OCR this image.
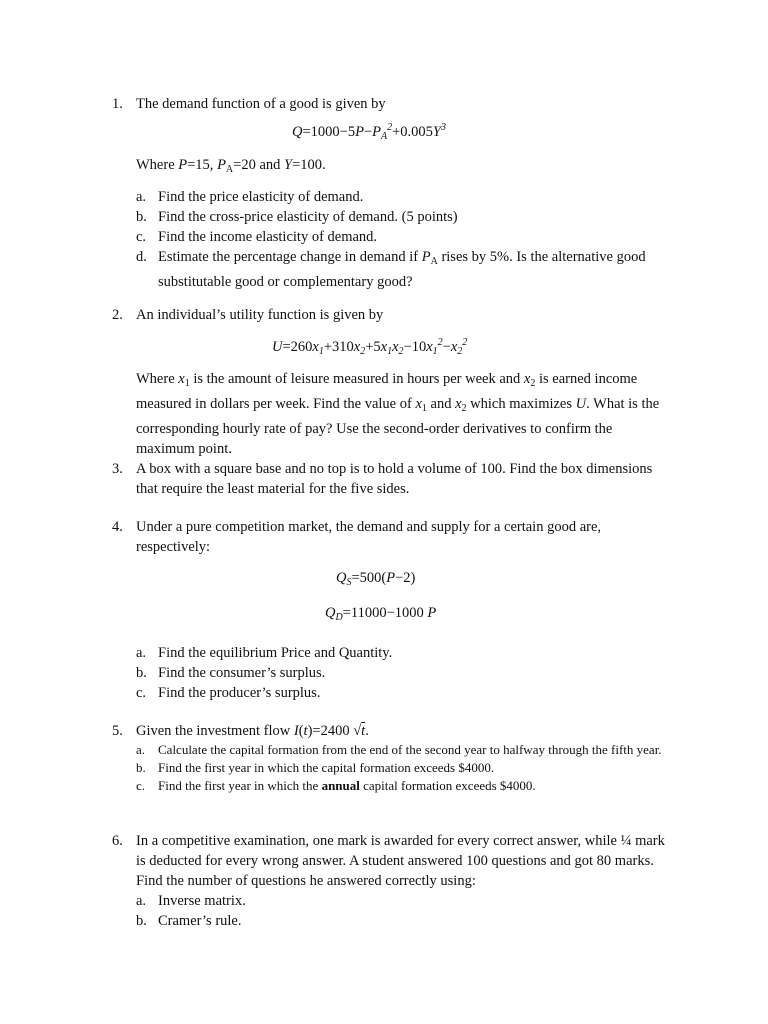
1. The demand function of a good is given by
$Q=1000-5P-P_A^2+0.005Y^3$
Where P=15, $P_A=20$ and Y=100.
a. Find the price elasticity of demand.
b. Find the cross-price elasticity of demand. (5 points)
c. Find the income elasticity of demand.
d. Estimate the percentage change in demand if $P_A$ rises by 5%. Is the alternative good substitutable good or complementary good?
2. An individual’s utility function is given by
$U=260x_1+310x_2+5x_1x_2-10x_1^2-x_2^2$
Where $x_1$ is the amount of leisure measured in hours per week and $x_2$ is earned income measured in dollars per week. Find the value of $x_1$ and $x_2$ which maximizes U. What is the corresponding hourly rate of pay? Use the second-order derivatives to confirm the maximum point.
3. A box with a square base and no top is to hold a volume of 100. Find the box dimensions that require the least material for the five sides.
4. Under a pure competition market, the demand and supply for a certain good are, respectively:
$Q_S=500(P-2)$
$Q_D=11000-1000$ P
a. Find the equilibrium Price and Quantity.
b. Find the consumer’s surplus.
c. Find the producer’s surplus.
5. Given the investment flow I(t)=2400 √t.
a. Calculate the capital formation from the end of the second year to halfway through the fifth year.
b. Find the first year in which the capital formation exceeds $4000.
c. Find the first year in which the annual capital formation exceeds $4000.
6. In a competitive examination, one mark is awarded for every correct answer, while ¼ mark is deducted for every wrong answer. A student answered 100 questions and got 80 marks. Find the number of questions he answered correctly using:
a. Inverse matrix.
b. Cramer’s rule.
